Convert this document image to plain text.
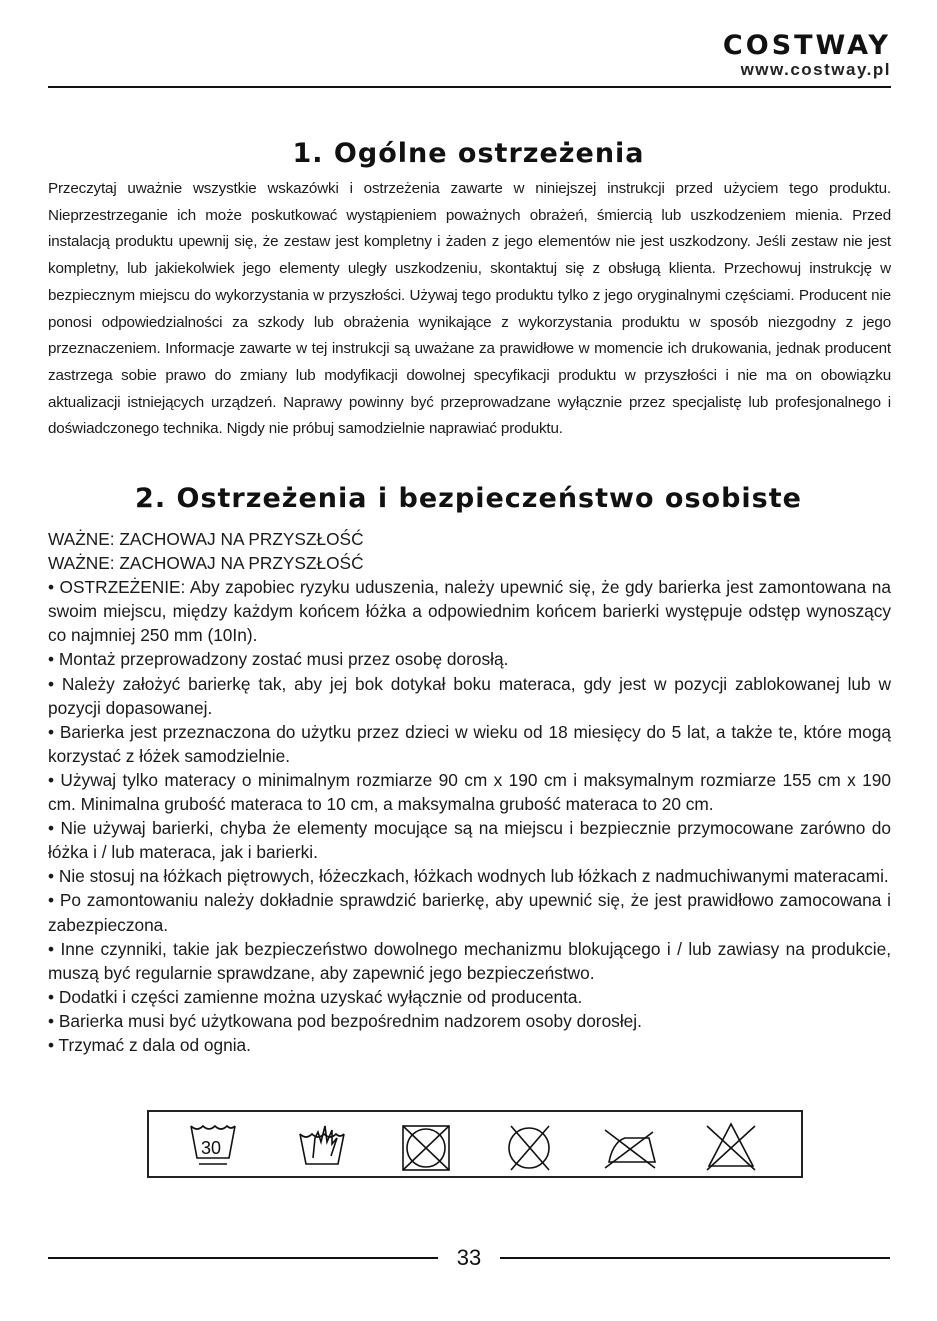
COSTWAY
www.costway.pl
1. Ogólne ostrzeżenia

Przeczytaj uważnie wszystkie wskazówki i ostrzeżenia zawarte w niniejszej instrukcji przed użyciem tego produktu. Nieprzestrzeganie ich może poskutkować wystąpieniem poważnych obrażeń, śmiercią lub uszkodzeniem mienia. Przed instalacją produktu upewnij się, że zestaw jest kompletny i żaden z jego elementów nie jest uszkodzony. Jeśli zestaw nie jest kompletny, lub jakiekolwiek jego elementy uległy uszkodzeniu, skontaktuj się z obsługą klienta. Przechowuj instrukcję w bezpiecznym miejscu do wykorzystania w przyszłości. Używaj tego produktu tylko z jego oryginalnymi częściami. Producent nie ponosi odpowiedzialności za szkody lub obrażenia wynikające z wykorzystania produktu w sposób niezgodny z jego przeznaczeniem. Informacje zawarte w tej instrukcji są uważane za prawidłowe w momencie ich drukowania, jednak producent zastrzega sobie prawo do zmiany lub modyfikacji dowolnej specyfikacji produktu w przyszłości i nie ma on obowiązku aktualizacji istniejących urządzeń. Naprawy powinny być przeprowadzane wyłącznie przez specjalistę lub profesjonalnego i doświadczonego technika. Nigdy nie próbuj samodzielnie naprawiać produktu.

2. Ostrzeżenia i bezpieczeństwo osobiste

WAŻNE: ZACHOWAJ NA PRZYSZŁOŚĆ

WAŻNE: ZACHOWAJ NA PRZYSZŁOŚĆ

• OSTRZEŻENIE: Aby zapobiec ryzyku uduszenia, należy upewnić się, że gdy barierka jest zamontowana na swoim miejscu, między każdym końcem łóżka a odpowiednim końcem barierki występuje odstęp wynoszący co najmniej 250 mm (10In).

• Montaż przeprowadzony zostać musi przez osobę dorosłą.

• Należy założyć barierkę tak, aby jej bok dotykał boku materaca, gdy jest w pozycji zablokowanej lub w pozycji dopasowanej.

• Barierka jest przeznaczona do użytku przez dzieci w wieku od 18 miesięcy do 5 lat, a także te, które mogą korzystać z łóżek samodzielnie.

• Używaj tylko materacy o minimalnym rozmiarze 90 cm x 190 cm i maksymalnym rozmiarze 155 cm x 190 cm. Minimalna grubość materaca to 10 cm, a maksymalna grubość materaca to 20 cm.

• Nie używaj barierki, chyba że elementy mocujące są na miejscu i bezpiecznie przymocowane zarówno do łóżka i / lub materaca, jak i barierki.

• Nie stosuj na łóżkach piętrowych, łóżeczkach, łóżkach wodnych lub łóżkach z nadmuchiwanymi materacami.

• Po zamontowaniu należy dokładnie sprawdzić barierkę, aby upewnić się, że jest prawidłowo zamocowana i zabezpieczona.

• Inne czynniki, takie jak bezpieczeństwo dowolnego mechanizmu blokującego i / lub zawiasy na produkcie, muszą być regularnie sprawdzane, aby zapewnić jego bezpieczeństwo.

• Dodatki i części zamienne można uzyskać wyłącznie od producenta.

• Barierka musi być użytkowana pod bezpośrednim nadzorem osoby dorosłej.

• Trzymać z dala od ognia.

30
33
